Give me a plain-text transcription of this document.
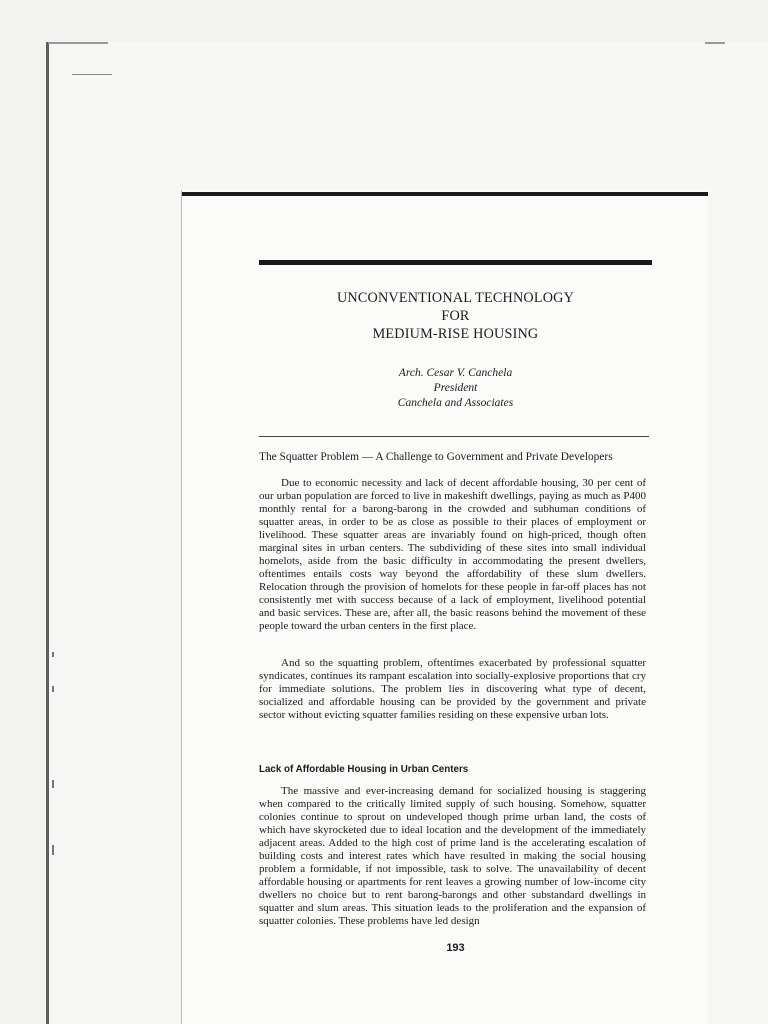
UNCONVENTIONAL TECHNOLOGY
FOR
MEDIUM-RISE HOUSING
Arch. Cesar V. Canchela
President
Canchela and Associates
The Squatter Problem — A Challenge to Government and Private Developers

Due to economic necessity and lack of decent affordable housing, 30 per cent of our urban population are forced to live in makeshift dwellings, paying as much as P400 monthly rental for a barong-barong in the crowded and subhuman conditions of squatter areas, in order to be as close as possible to their places of employment or livelihood. These squatter areas are invariably found on high-priced, though often marginal sites in urban centers. The subdividing of these sites into small individual homelots, aside from the basic difficulty in accommodating the present dwellers, oftentimes entails costs way beyond the affordability of these slum dwellers. Relocation through the provision of homelots for these people in far-off places has not consistently met with success because of a lack of employment, livelihood potential and basic services. These are, after all, the basic reasons behind the movement of these people toward the urban centers in the first place.

And so the squatting problem, oftentimes exacerbated by professional squatter syndicates, continues its rampant escalation into socially-explosive proportions that cry for immediate solutions. The problem lies in discovering what type of decent, socialized and affordable housing can be provided by the government and private sector without evicting squatter families residing on these expensive urban lots.

Lack of Affordable Housing in Urban Centers

The massive and ever-increasing demand for socialized housing is staggering when compared to the critically limited supply of such housing. Somehow, squatter colonies continue to sprout on undeveloped though prime urban land, the costs of which have skyrocketed due to ideal location and the development of the immediately adjacent areas. Added to the high cost of prime land is the accelerating escalation of building costs and interest rates which have resulted in making the social housing problem a formidable, if not impossible, task to solve. The unavailability of decent affordable housing or apartments for rent leaves a growing number of low-income city dwellers no choice but to rent barong-barongs and other substandard dwellings in squatter and slum areas. This situation leads to the proliferation and the expansion of squatter colonies. These problems have led design

193
